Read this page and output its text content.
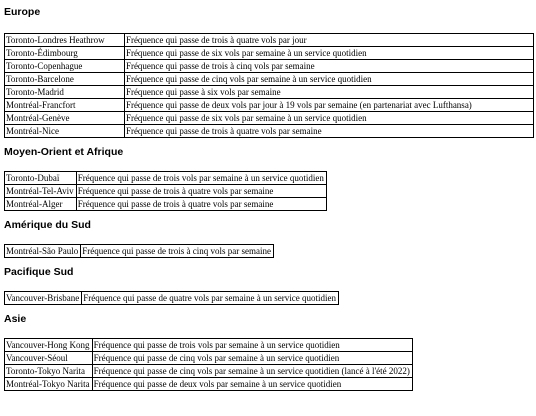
Europe
Toronto-Londres Heathrow	Fréquence qui passe de trois à quatre vols par jour
Toronto-Édimbourg	Fréquence qui passe de six vols par semaine à un service quotidien
Toronto-Copenhague	Fréquence qui passe de trois à cinq vols par semaine
Toronto-Barcelone	Fréquence qui passe de cinq vols par semaine à un service quotidien
Toronto-Madrid	Fréquence qui passe à six vols par semaine
Montréal-Francfort	Fréquence qui passe de deux vols par jour à 19 vols par semaine (en partenariat avec Lufthansa)
Montréal-Genève	Fréquence qui passe de six vols par semaine à un service quotidien
Montréal-Nice	Fréquence qui passe de trois à quatre vols par semaine
Moyen-Orient et Afrique
Toronto-Dubaï	Fréquence qui passe de trois vols par semaine à un service quotidien
Montréal-Tel-Aviv	Fréquence qui passe de trois à quatre vols par semaine
Montréal-Alger	Fréquence qui passe de trois à quatre vols par semaine
Amérique du Sud
Montréal-São Paulo	Fréquence qui passe de trois à cinq vols par semaine
Pacifique Sud
Vancouver-Brisbane	Fréquence qui passe de quatre vols par semaine à un service quotidien
Asie
Vancouver-Hong Kong	Fréquence qui passe de trois vols par semaine à un service quotidien
Vancouver-Séoul	Fréquence qui passe de cinq vols par semaine à un service quotidien
Toronto-Tokyo Narita	Fréquence qui passe de cinq vols par semaine à un service quotidien (lancé à l'été 2022)
Montréal-Tokyo Narita	Fréquence qui passe de deux vols par semaine à un service quotidien
